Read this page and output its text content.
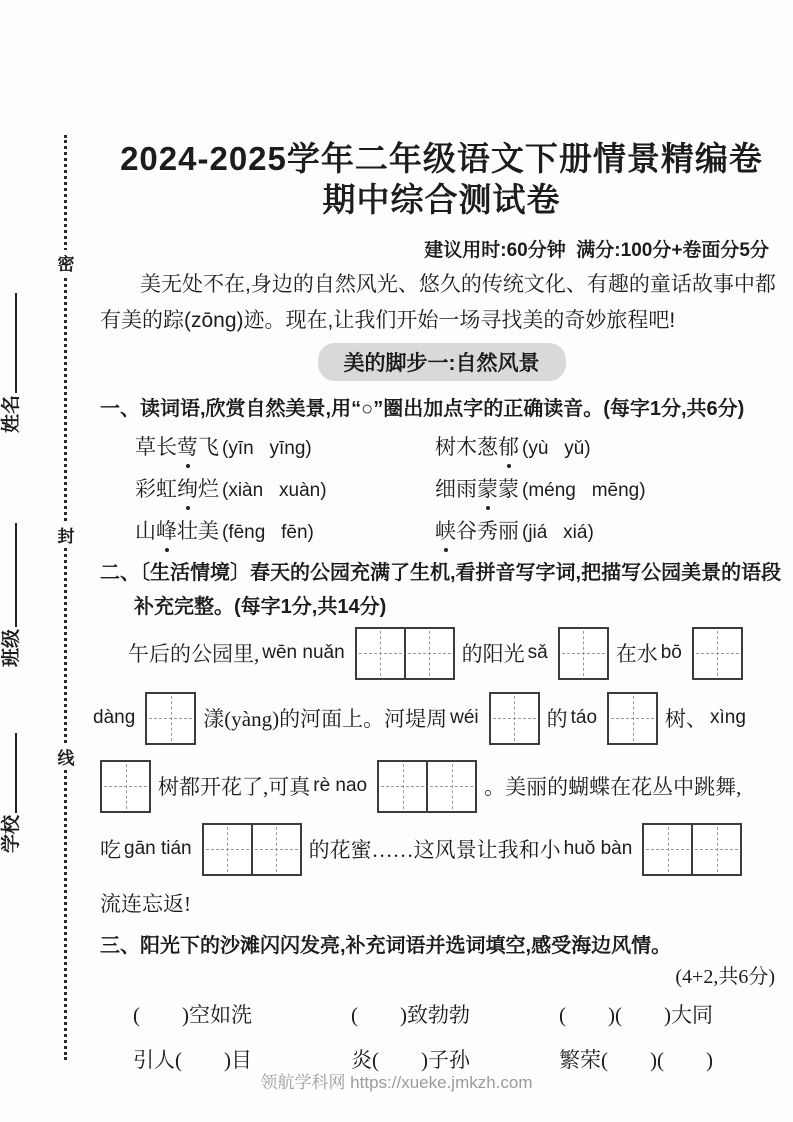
密
封
线
姓名
班级
学校
2024-2025学年二年级语文下册情景精编卷
期中综合测试卷
建议用时:60分钟  满分:100分+卷面分5分

美无处不在,身边的自然风光、悠久的传统文化、有趣的童话故事中都

有美的踪(zōng)迹。现在,让我们开始一场寻找美的奇妙旅程吧!

美的脚步一:自然风景
一、读词语,欣赏自然美景,用“○”圈出加点字的正确读音。(每字1分,共6分)
草长莺飞 (yīn   yīng)	树木葱郁 (yù   yǔ)
彩虹绚烂 (xiàn   xuàn)	细雨蒙蒙 (méng   mēng)
山峰壮美 (fēng   fēn)	峡谷秀丽 (jiá   xiá)
二、〔生活情境〕春天的公园充满了生机,看拼音写字词,把描写公园美景的语段
补充完整。(每字1分,共14分)
午后的公园里, wēn nuǎn	的阳光 sǎ	在水 bō
dàng	漾(yàng)的河面上。河堤周 wéi	的 táo	树、 xìng
树都开花了,可真 rè nao	。美丽的蝴蝶在花丛中跳舞,
吃 gān tián	的花蜜……这风景让我和小 huǒ bàn
流连忘返!
三、阳光下的沙滩闪闪发亮,补充词语并选词填空,感受海边风情。
(4+2,共6分)
(　　)空如洗	(　　)致勃勃	(　　)(　　)大同
引人(　　)目	炎(　　)子孙	繁荣(　　)(　　)
领航学科网 https://xueke.jmkzh.com
